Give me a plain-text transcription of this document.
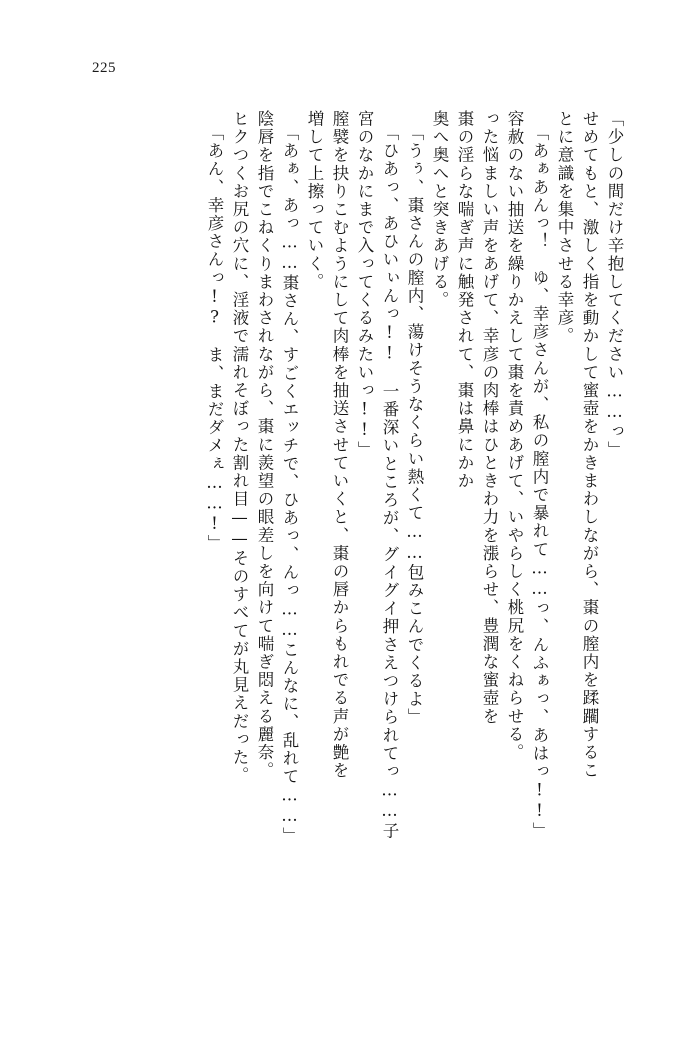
225
「少しの間だけ辛抱してください……っ」
せめてもと、激しく指を動かして蜜壺をかきまわしながら、棗の膣内を蹂躙するこ
とに意識を集中させる幸彦。
「あぁあんっ！　ゆ、幸彦さんが、私の膣内で暴れて……っ、んふぁっ、あはっ!!」
容赦のない抽送を繰りかえして棗を責めあげて、いやらしく桃尻をくねらせる。
った悩ましい声をあげて、幸彦の肉棒はひときわ力を漲らせ、豊潤な蜜壺を
棗の淫らな喘ぎ声に触発されて、棗は鼻にかか
奥へ奥へと突きあげる。
「うぅ、棗さんの膣内、蕩けそうなくらい熱くて……包みこんでくるよ」
「ひあっ、あひいぃんっ!!　一番深いところが、グイグイ押さえつけられてっ……子
宮のなかにまで入ってくるみたいっ!!」
膣襞を抉りこむようにして肉棒を抽送させていくと、棗の唇からもれでる声が艶を
増して上擦っていく。
「あぁ、あっ……棗さん、すごくエッチで、ひあっ、んっ……こんなに、乱れて……」
陰唇を指でこねくりまわされながら、棗に羨望の眼差しを向けて喘ぎ悶える麗奈。
ヒクつくお尻の穴に、淫液で濡れそぼった割れ目——そのすべてが丸見えだった。
「あん、幸彦さんっ!?　ま、まだダメぇ……!」
